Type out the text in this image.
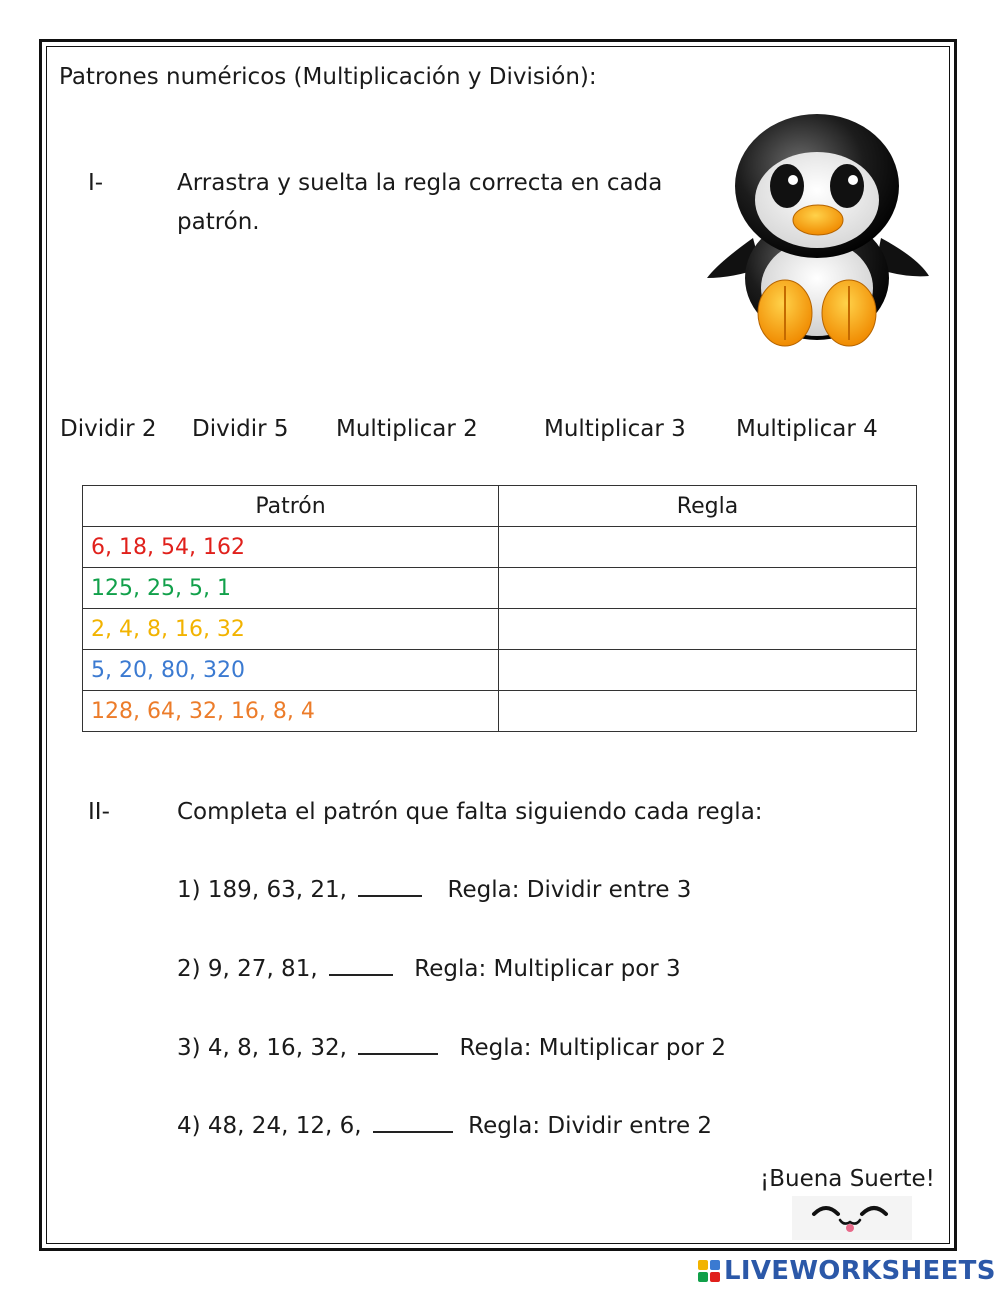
Patrones numéricos (Multiplicación y División):
I-	Arrastra y suelta la regla correcta en cada
patrón.
Dividir 2 Dividir 5 Multiplicar 2	Multiplicar 3 Multiplicar 4
Patrón	Regla
6, 18, 54, 162	
125, 25, 5, 1	
2, 4, 8, 16, 32	
5, 20, 80, 320	
128, 64, 32, 16, 8, 4	
II-	Completa el patrón que falta siguiendo cada regla:
1) 189, 63, 21,	Regla: Dividir entre 3
2) 9, 27, 81,	Regla: Multiplicar por 3
3) 4, 8, 16, 32,	Regla: Multiplicar por 2
4) 48, 24, 12, 6,	Regla: Dividir entre 2
¡Buena Suerte!
LIVEWORKSHEETS
